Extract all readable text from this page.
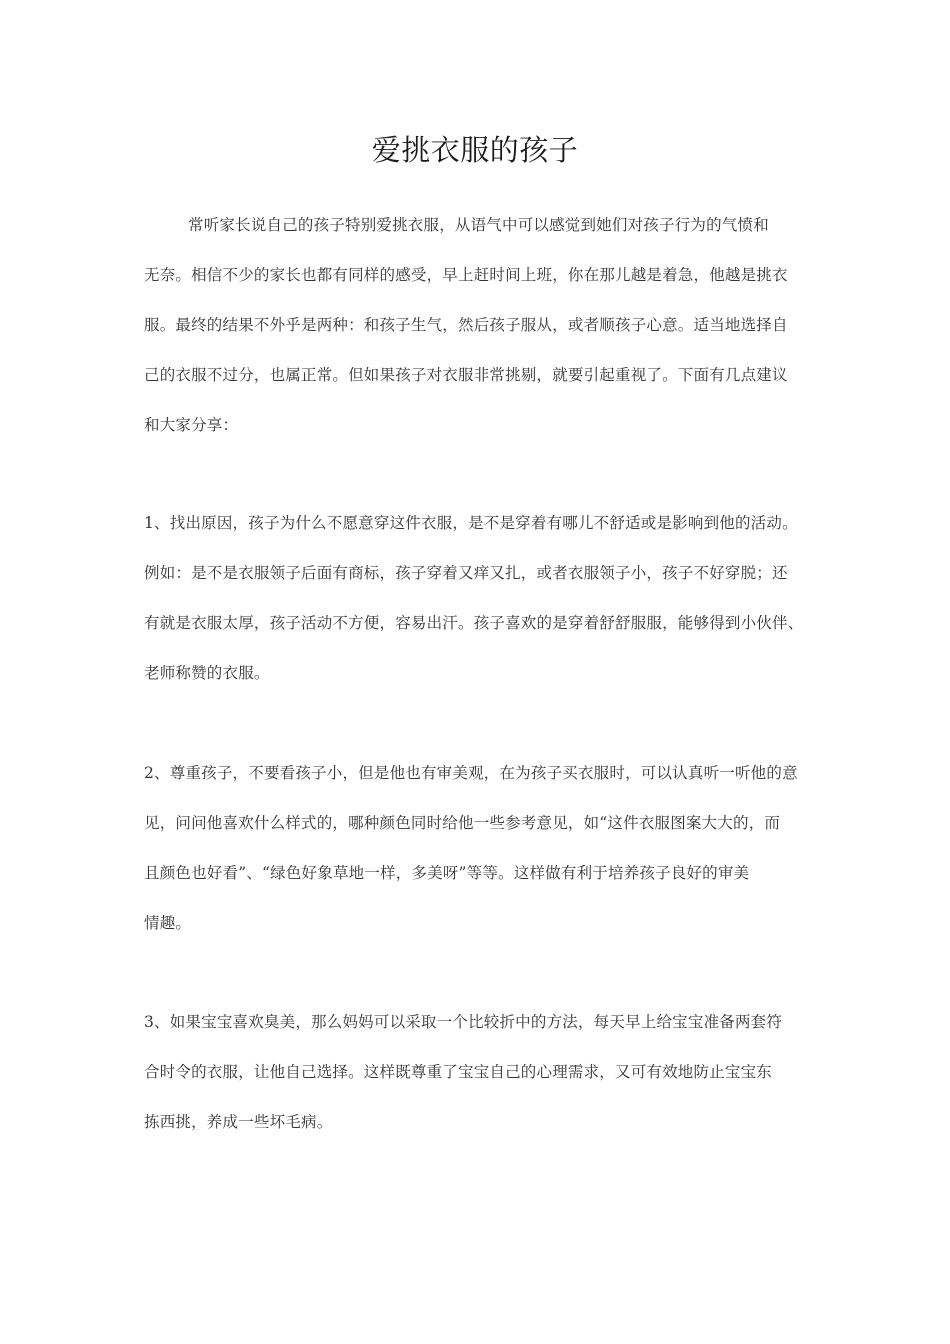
爱挑衣服的孩子

常听家长说自己的孩子特别爱挑衣服，从语气中可以感觉到她们对孩子行为的气愤和
无奈。相信不少的家长也都有同样的感受，早上赶时间上班，你在那儿越是着急，他越是挑衣
服。最终的结果不外乎是两种：和孩子生气，然后孩子服从，或者顺孩子心意。适当地选择自
己的衣服不过分，也属正常。但如果孩子对衣服非常挑剔，就要引起重视了。下面有几点建议
和大家分享：

1、找出原因，孩子为什么不愿意穿这件衣服，是不是穿着有哪儿不舒适或是影响到他的活动。
例如：是不是衣服领子后面有商标，孩子穿着又痒又扎，或者衣服领子小，孩子不好穿脱；还
有就是衣服太厚，孩子活动不方便，容易出汗。孩子喜欢的是穿着舒舒服服，能够得到小伙伴、
老师称赞的衣服。

2、尊重孩子，不要看孩子小，但是他也有审美观，在为孩子买衣服时，可以认真听一听他的意
见，问问他喜欢什么样式的，哪种颜色同时给他一些参考意见，如“这件衣服图案大大的，而
且颜色也好看”、“绿色好象草地一样，多美呀”等等。这样做有利于培养孩子良好的审美
情趣。

3、如果宝宝喜欢臭美，那么妈妈可以采取一个比较折中的方法，每天早上给宝宝准备两套符
合时令的衣服，让他自己选择。这样既尊重了宝宝自己的心理需求，又可有效地防止宝宝东
拣西挑，养成一些坏毛病。
